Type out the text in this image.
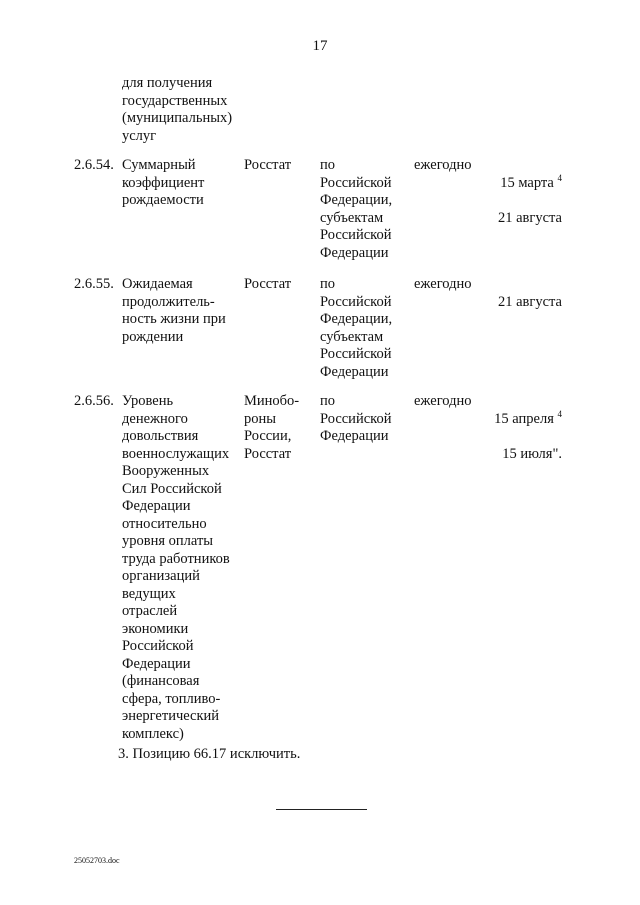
17
для получения
государственных
(муниципальных)
услуг
2.6.54. Суммарный
коэффициент
рождаемости
Росстат	по
Российской
Федерации,
субъектам
Российской
Федерации
ежегодно

15 марта $^4$

21 августа

2.6.55. Ожидаемая
продолжитель-
ность жизни при
рождении
Росстат	по
Российской
Федерации,
субъектам
Российской
Федерации
ежегодно

21 августа

2.6.56. Уровень
денежного
довольствия
военнослужащих
Вооруженных
Сил Российской
Федерации
относительно
уровня оплаты
труда работников
организаций
ведущих
отраслей
экономики
Российской
Федерации
(финансовая
сфера, топливо-
энергетический
комплекс)
Минобо-
роны
России,
Росстат
по
Российской
Федерации
ежегодно

15 апреля $^4$

15 июля".

3. Позицию 66.17 исключить.
25052703.doc
